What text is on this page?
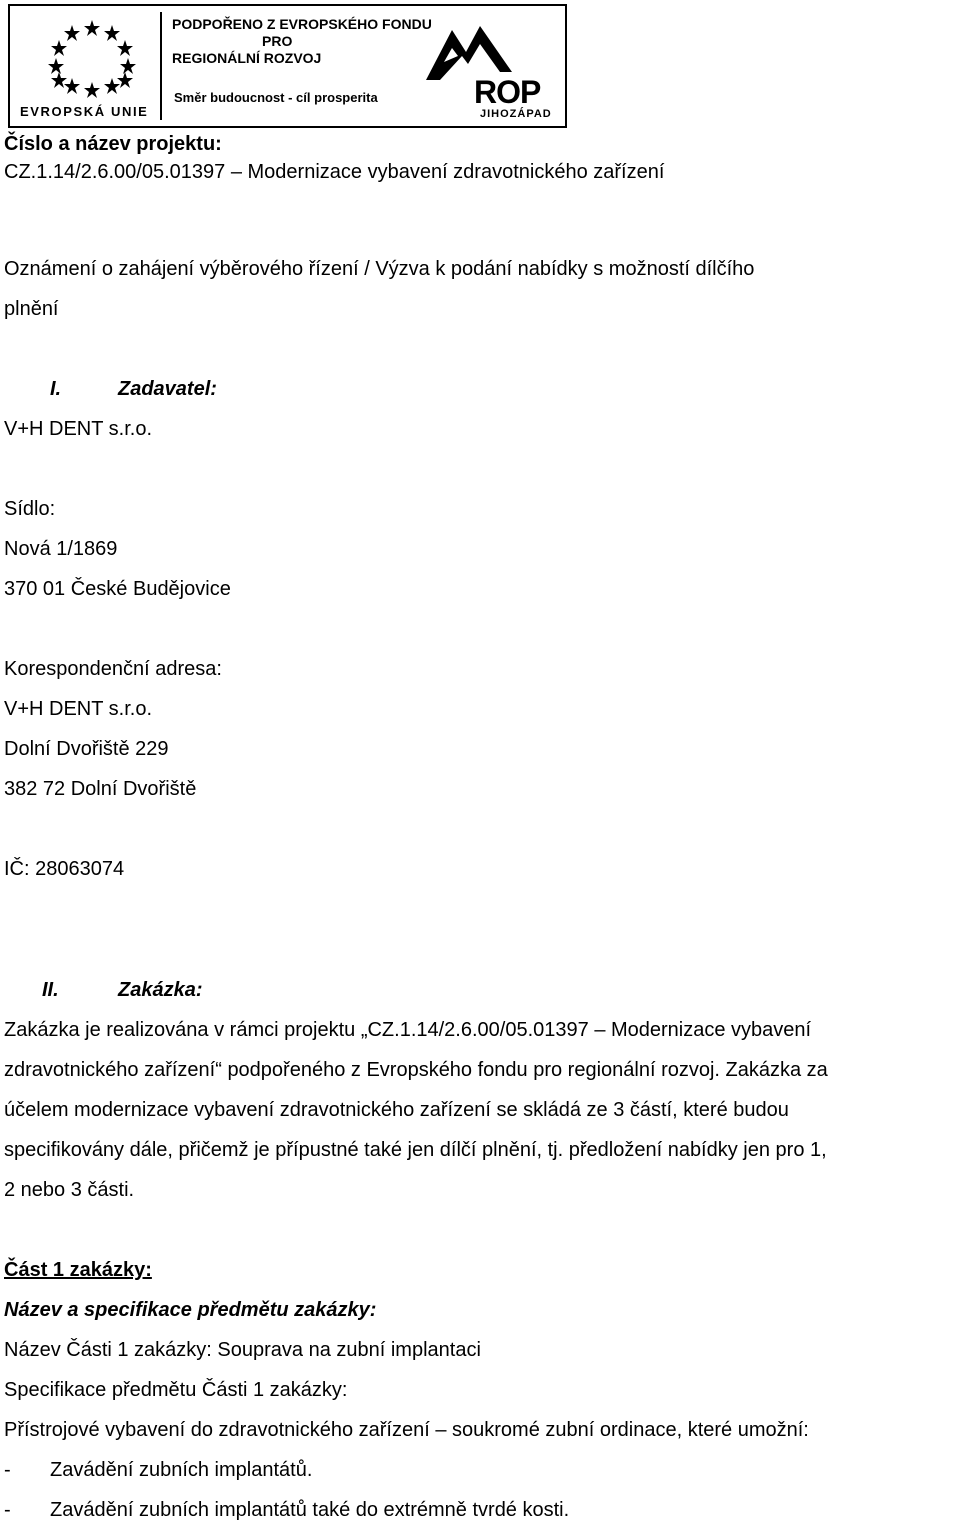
EVROPSKÁ UNIE
PODPOŘENO Z EVROPSKÉHO FONDU
PRO
REGIONÁLNÍ ROZVOJ
Směr budoucnost - cíl prosperita	ROP
JIHOZÁPAD
Číslo a název projektu:
CZ.1.14/2.6.00/05.01397 – Modernizace vybavení zdravotnického zařízení
Oznámení o zahájení výběrového řízení / Výzva k podání nabídky s možností dílčího
plnění
I.	Zadavatel:
V+H DENT s.r.o.
Sídlo:
Nová 1/1869
370 01 České Budějovice
Korespondenční adresa:
V+H DENT s.r.o.
Dolní Dvořiště 229
382 72 Dolní Dvořiště
IČ: 28063074
II.	Zakázka:
Zakázka je realizována v rámci projektu „CZ.1.14/2.6.00/05.01397 – Modernizace vybavení
zdravotnického zařízení“ podpořeného z Evropského fondu pro regionální rozvoj. Zakázka za
účelem modernizace vybavení zdravotnického zařízení se skládá ze 3 částí, které budou
specifikovány dále, přičemž je přípustné také jen dílčí plnění, tj. předložení nabídky jen pro 1,
2 nebo 3 části.
Část 1 zakázky:
Název a specifikace předmětu zakázky:
Název Části 1 zakázky: Souprava na zubní implantaci
Specifikace předmětu Části 1 zakázky:
Přístrojové vybavení do zdravotnického zařízení – soukromé zubní ordinace, které umožní:
- Zavádění zubních implantátů.
- Zavádění zubních implantátů také do extrémně tvrdé kosti.
